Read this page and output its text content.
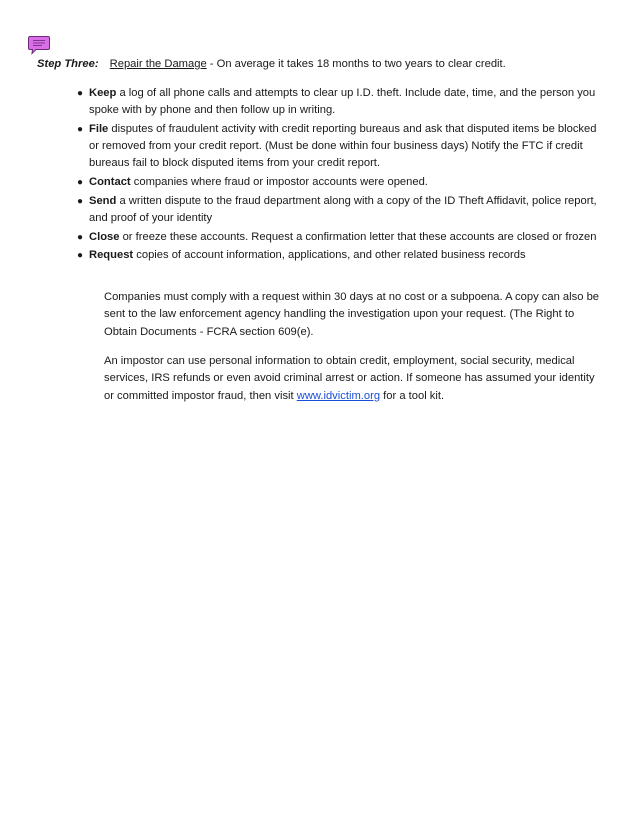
Step Three: Repair the Damage - On average it takes 18 months to two years to clear credit.
● Keep a log of all phone calls and attempts to clear up I.D. theft. Include date, time, and the person you spoke with by phone and then follow up in writing.
● File disputes of fraudulent activity with credit reporting bureaus and ask that disputed items be blocked or removed from your credit report. (Must be done within four business days) Notify the FTC if credit bureaus fail to block disputed items from your credit report.
● Contact companies where fraud or impostor accounts were opened.
● Send a written dispute to the fraud department along with a copy of the ID Theft Affidavit, police report, and proof of your identity
● Close or freeze these accounts. Request a confirmation letter that these accounts are closed or frozen
● Request copies of account information, applications, and other related business records

Companies must comply with a request within 30 days at no cost or a subpoena. A copy can also be sent to the law enforcement agency handling the investigation upon your request. (The Right to Obtain Documents - FCRA section 609(e).

An impostor can use personal information to obtain credit, employment, social security, medical services, IRS refunds or even avoid criminal arrest or action. If someone has assumed your identity or committed impostor fraud, then visit www.idvictim.org for a tool kit.
